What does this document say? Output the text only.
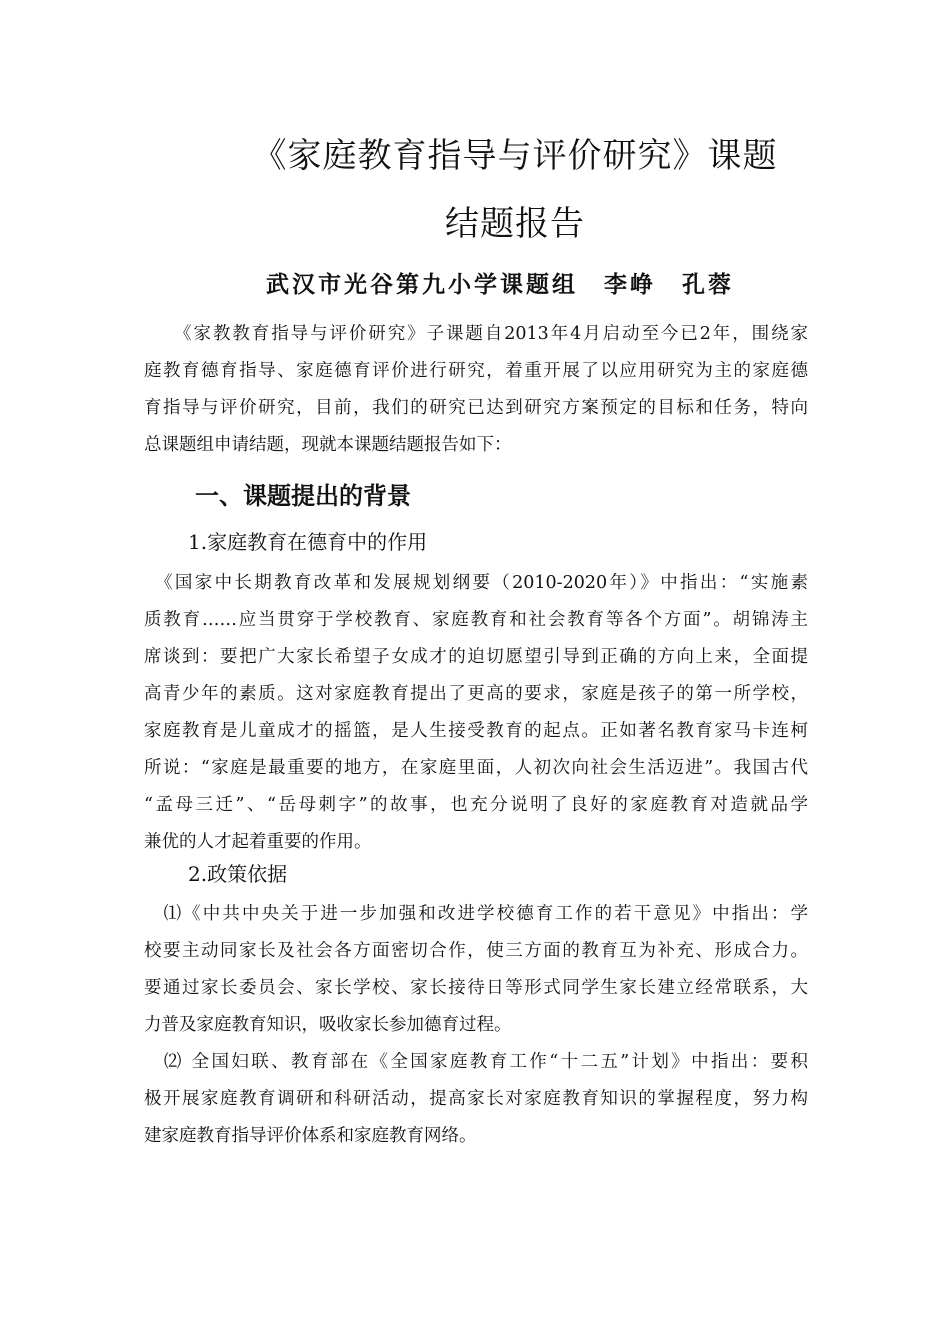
《家庭教育指导与评价研究》课题
结题报告
武汉市光谷第九小学课题组 李峥 孔蓉
　　《家教教育指导与评价研究》子课题自2013年4月启动至今已2年，围绕家
庭教育德育指导、家庭德育评价进行研究，着重开展了以应用研究为主的家庭德
育指导与评价研究，目前，我们的研究已达到研究方案预定的目标和任务，特向
总课题组申请结题，现就本课题结题报告如下：
一、课题提出的背景
1.家庭教育在德育中的作用
　《国家中长期教育改革和发展规划纲要（2010-2020年）》中指出：“实施素
质教育……应当贯穿于学校教育、家庭教育和社会教育等各个方面”。胡锦涛主
席谈到：要把广大家长希望子女成才的迫切愿望引导到正确的方向上来，全面提
高青少年的素质。这对家庭教育提出了更高的要求，家庭是孩子的第一所学校，
家庭教育是儿童成才的摇篮，是人生接受教育的起点。正如著名教育家马卡连柯
所说：“家庭是最重要的地方，在家庭里面，人初次向社会生活迈进”。我国古代
“孟母三迁”、“岳母刺字”的故事，也充分说明了良好的家庭教育对造就品学
兼优的人才起着重要的作用。
2.政策依据
　⑴《中共中央关于进一步加强和改进学校德育工作的若干意见》中指出：学
校要主动同家长及社会各方面密切合作，使三方面的教育互为补充、形成合力。
要通过家长委员会、家长学校、家长接待日等形式同学生家长建立经常联系，大
力普及家庭教育知识，吸收家长参加德育过程。
　⑵ 全国妇联、教育部在《全国家庭教育工作“十二五”计划》中指出：要积
极开展家庭教育调研和科研活动，提高家长对家庭教育知识的掌握程度，努力构
建家庭教育指导评价体系和家庭教育网络。
